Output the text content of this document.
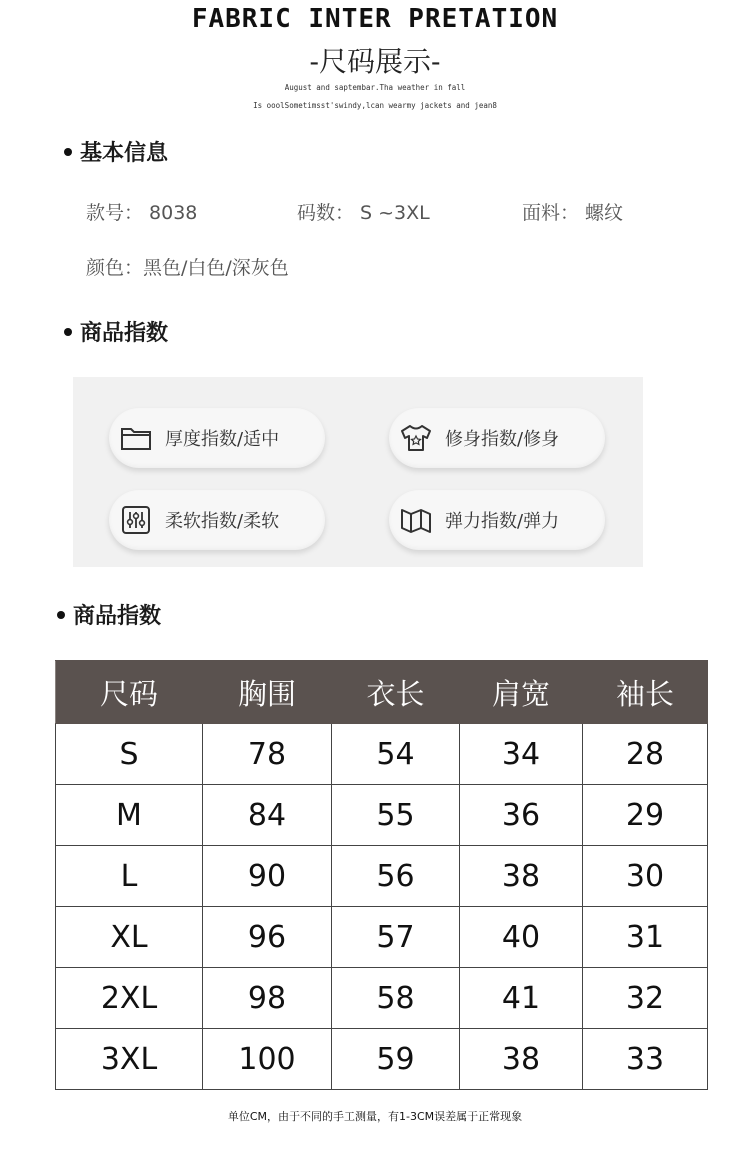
FABRIC INTER PRETATION
-尺码展示-
August and saptembar.Tha weather in fall
Is ooolSometimsst'swindy,lcan wearmy jackets and jean8
基本信息
款号： 8038	码数： S ~3XL	面料： 螺纹
颜色：黑色/白色/深灰色
商品指数
厚度指数/适中	修身指数/修身
柔软指数/柔软	弹力指数/弹力
商品指数
尺码	胸围	衣长	肩宽	袖长
S	78	54	34	28
M	84	55	36	29
L	90	56	38	30
XL	96	57	40	31
2XL	98	58	41	32
3XL	100	59	38	33
单位CM，由于不同的手工测量，有1-3CM误差属于正常现象
